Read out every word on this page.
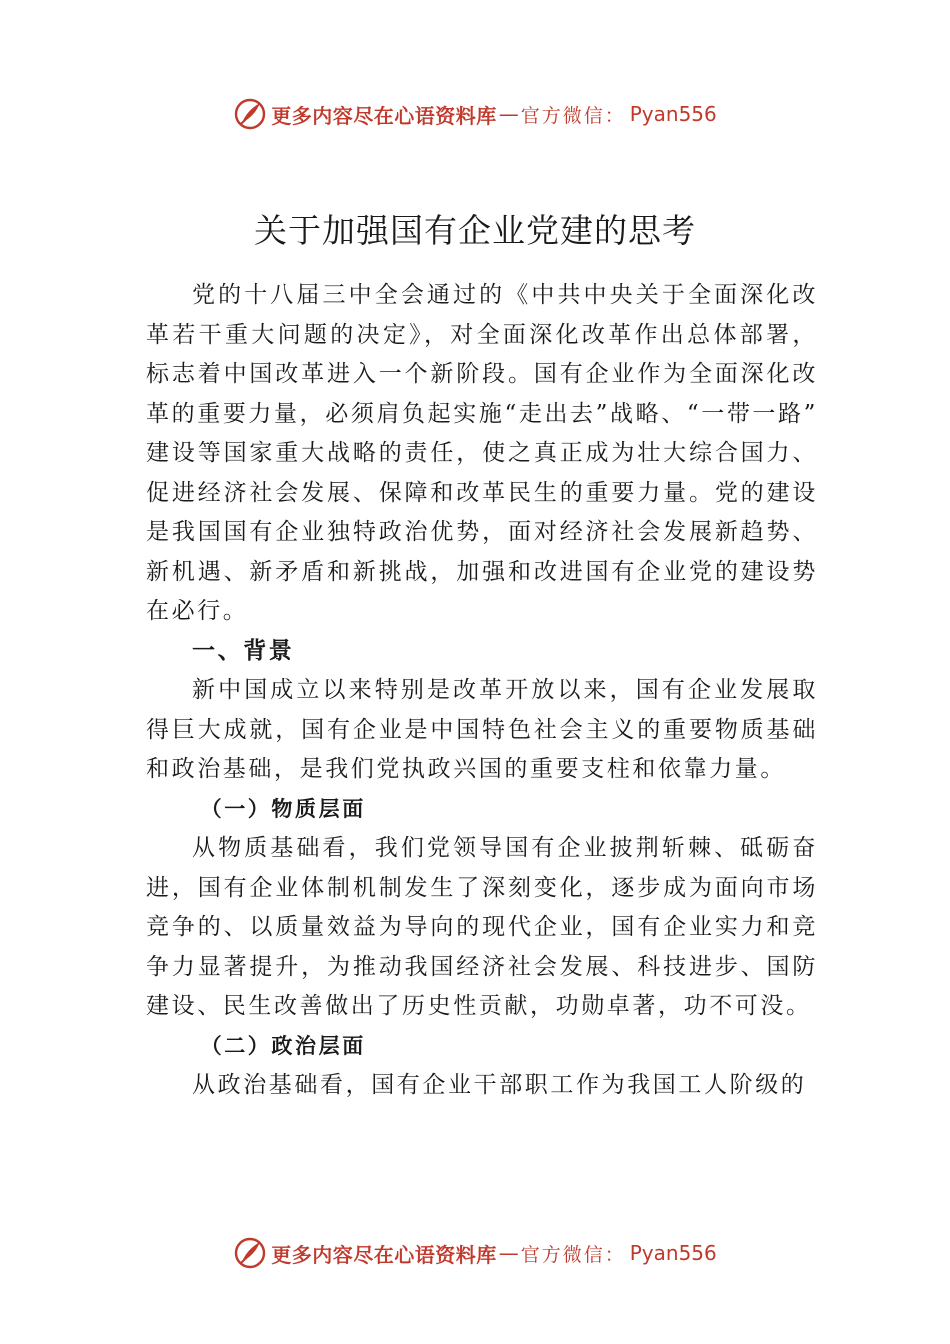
更多内容尽在心语资料库 — 官方微信： Pyan556
关于加强国有企业党建的思考

党的十八届三中全会通过的《中共中央关于全面深化改革若干重大问题的决定》，对全面深化改革作出总体部署，标志着中国改革进入一个新阶段。国有企业作为全面深化改革的重要力量，必须肩负起实施“走出去”战略、“一带一路” 建设等国家重大战略的责任，使之真正成为壮大综合国力、 促进经济社会发展、保障和改革民生的重要力量。党的建设是我国国有企业独特政治优势，面对经济社会发展新趋势、 新机遇、新矛盾和新挑战，加强和改进国有企业党的建设势在必行。

一、背景

新中国成立以来特别是改革开放以来，国有企业发展取得巨大成就，国有企业是中国特色社会主义的重要物质基础和政治基础，是我们党执政兴国的重要支柱和依靠力量。

（一）物质层面

从物质基础看，我们党领导国有企业披荆斩棘、砥砺奋进，国有企业体制机制发生了深刻变化，逐步成为面向市场竞争的、以质量效益为导向的现代企业，国有企业实力和竞争力显著提升，为推动我国经济社会发展、科技进步、国防建设、民生改善做出了历史性贡献，功勋卓著，功不可没。

（二）政治层面

从政治基础看，国有企业干部职工作为我国工人阶级的

更多内容尽在心语资料库 — 官方微信： Pyan556
